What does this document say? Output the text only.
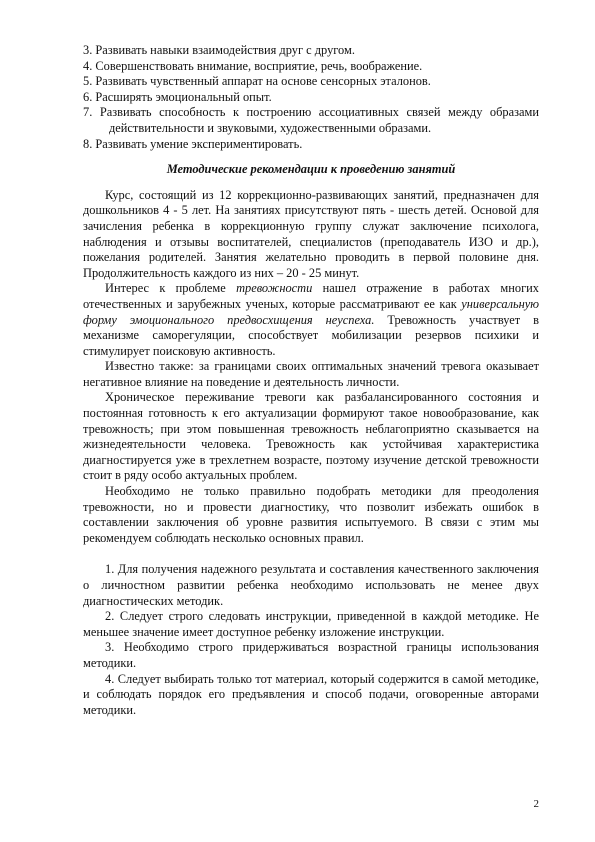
3. Развивать навыки взаимодействия друг с другом.

4. Совершенствовать внимание, восприятие, речь, воображение.

5. Развивать чувственный аппарат на основе сенсорных эталонов.

6. Расширять эмоциональный опыт.

7. Развивать способность к построению ассоциативных связей между образами действительности и звуковыми, художественными образами.

8. Развивать умение экспериментировать.

Методические рекомендации к проведению занятий

Курс, состоящий из 12 коррекционно-развивающих занятий, предназначен для дошкольников 4 - 5 лет. На занятиях присутствуют пять - шесть детей. Основой для зачисления ребенка в коррекционную группу служат заключение психолога, наблюдения и отзывы воспитателей, специалистов (преподаватель ИЗО и др.), пожелания родителей. Занятия желательно проводить в первой половине дня. Продолжительность каждого из них – 20 - 25 минут.

Интерес к проблеме тревожности нашел отражение в работах многих отечественных и зарубежных ученых, которые рассматривают ее как универсальную форму эмоционального предвосхищения неуспеха. Тревожность участвует в механизме саморегуляции, способствует мобилизации резервов психики и стимулирует поисковую активность.

Известно также: за границами своих оптимальных значений тревога оказывает негативное влияние на поведение и деятельность личности.

Хроническое переживание тревоги как разбалансированного состояния и постоянная готовность к его актуализации формируют такое новообразование, как тревожность; при этом повышенная тревожность неблагоприятно сказывается на жизнедеятельности человека. Тревожность как устойчивая характеристика диагностируется уже в трехлетнем возрасте, поэтому изучение детской тревожности стоит в ряду особо актуальных проблем.

Необходимо не только правильно подобрать методики для преодоления тревожности, но и провести диагностику, что позволит избежать ошибок в составлении заключения об уровне развития испытуемого. В связи с этим мы рекомендуем соблюдать несколько основных правил.

1. Для получения надежного результата и составления качественного заключения о личностном развитии ребенка необходимо использовать не менее двух диагностических методик.

2. Следует строго следовать инструкции, приведенной в каждой методике. Не меньшее значение имеет доступное ребенку изложение инструкции.

3. Необходимо строго придерживаться возрастной границы использования методики.

4. Следует выбирать только тот материал, который содержится в самой методике, и соблюдать порядок его предъявления и способ подачи, оговоренные авторами методики.

2
